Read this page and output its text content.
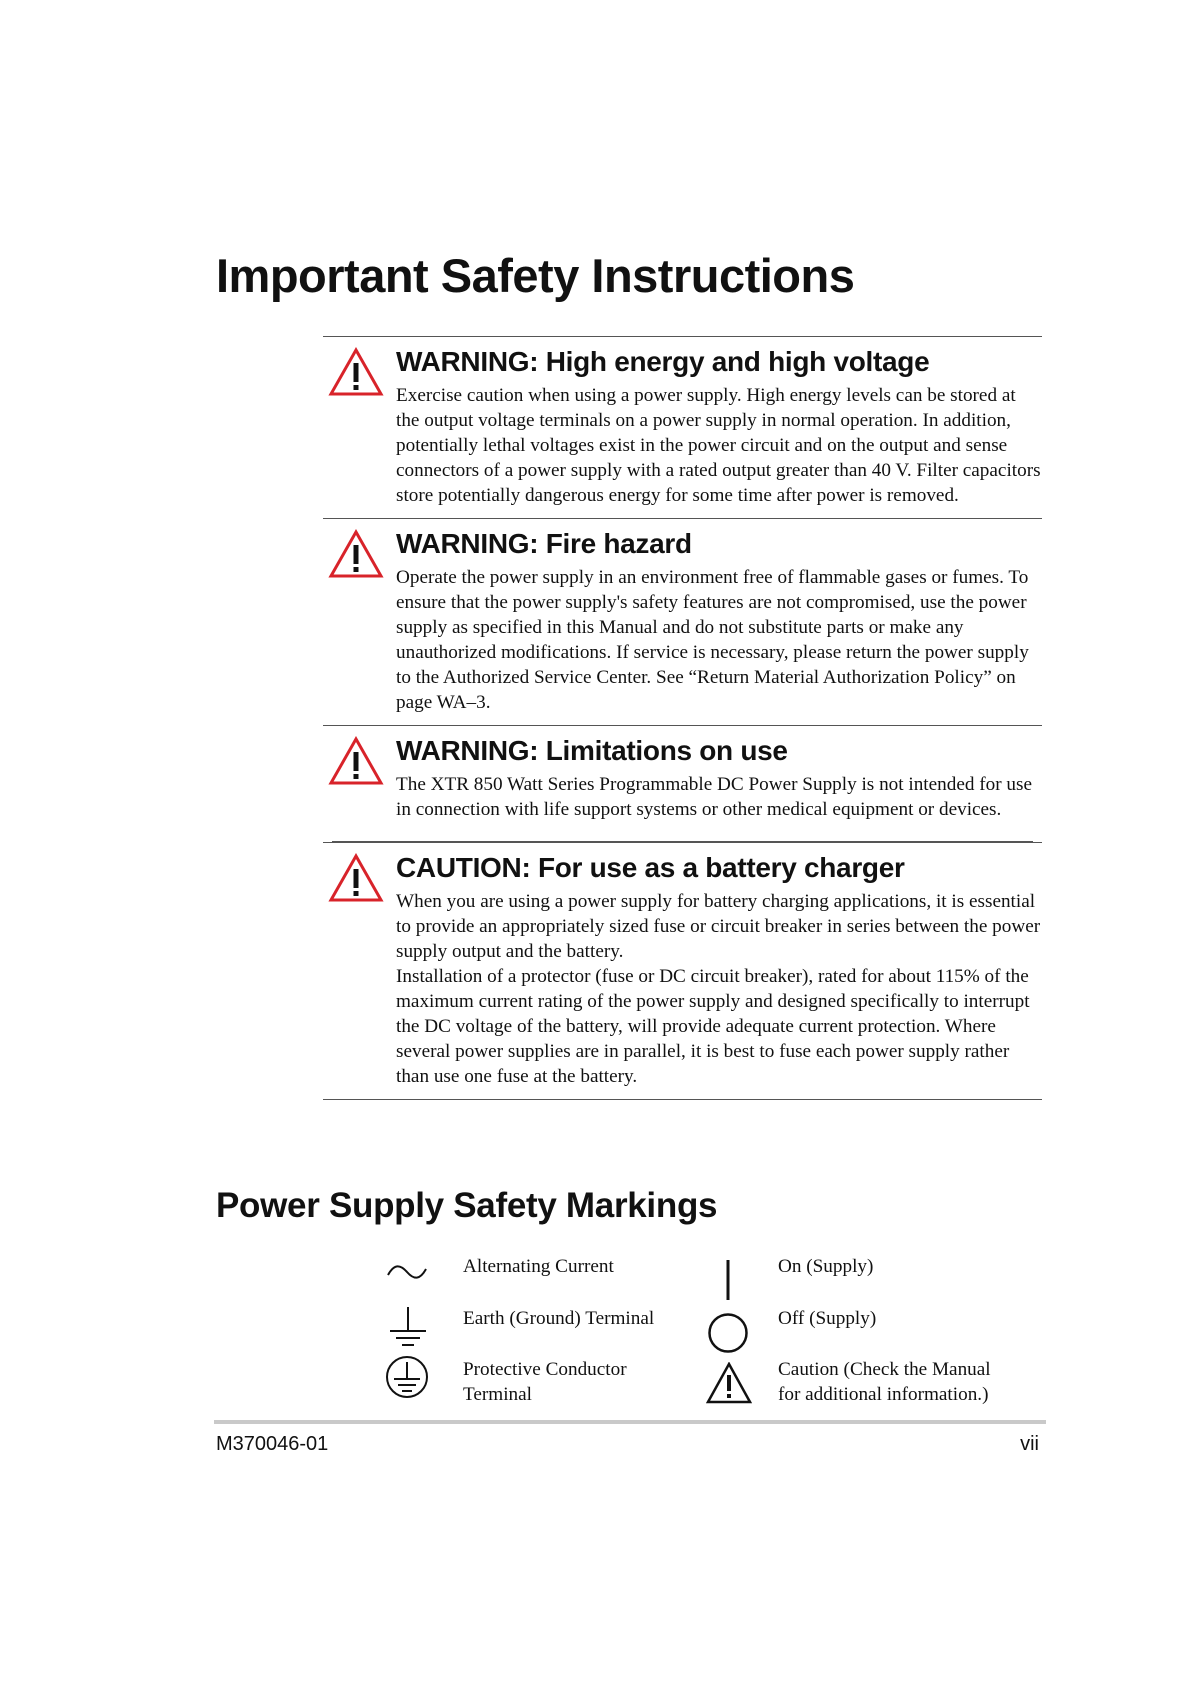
Important Safety Instructions
WARNING: High energy and high voltage

Exercise caution when using a power supply. High energy levels can be stored at the output voltage terminals on a power supply in normal operation. In addition, potentially lethal voltages exist in the power circuit and on the output and sense connectors of a power supply with a rated output greater than 40 V. Filter capacitors store potentially dangerous energy for some time after power is removed.

WARNING: Fire hazard

Operate the power supply in an environment free of flammable gases or fumes. To ensure that the power supply's safety features are not compromised, use the power supply as specified in this Manual and do not substitute parts or make any unauthorized modifications. If service is necessary, please return the power supply to the Authorized Service Center. See “Return Material Authorization Policy” on page WA–3.

WARNING: Limitations on use

The XTR 850 Watt Series Programmable DC Power Supply is not intended for use in connection with life support systems or other medical equipment or devices.

CAUTION: For use as a battery charger

When you are using a power supply for battery charging applications, it is essential to provide an appropriately sized fuse or circuit breaker in series between the power supply output and the battery.

Installation of a protector (fuse or DC circuit breaker), rated for about 115% of the maximum current rating of the power supply and designed specifically to interrupt the DC voltage of the battery, will provide adequate current protection. Where several power supplies are in parallel, it is best to fuse each power supply rather than use one fuse at the battery.

Power Supply Safety Markings
Alternating Current
Earth (Ground) Terminal
Protective Conductor
Terminal
On (Supply)
Off (Supply)
Caution (Check the Manual
for additional information.)
M370046-01	vii
